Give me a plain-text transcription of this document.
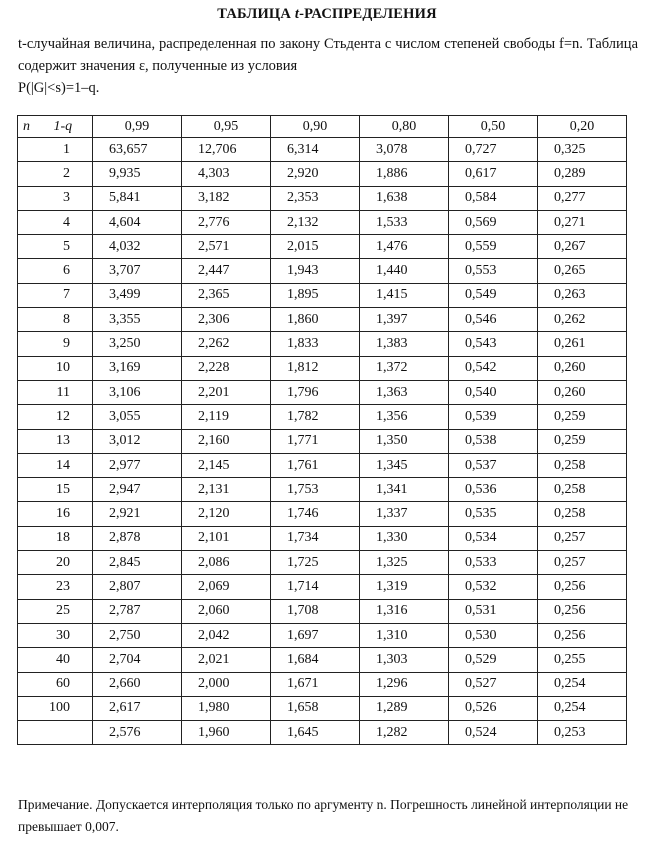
ТАБЛИЦА t-РАСПРЕДЕЛЕНИЯ
t-случайная величина, распределенная по закону Стьдента с числом степеней свободы f=n. Таблица содержит значения ε, полученные из условия
P(|G|<s)=1–q.
n	1-q	0,99	0,95	0,90	0,80	0,50	0,20
1		63,657	12,706	6,314	3,078	0,727	0,325
2		9,935	4,303	2,920	1,886	0,617	0,289
3		5,841	3,182	2,353	1,638	0,584	0,277
4		4,604	2,776	2,132	1,533	0,569	0,271
5		4,032	2,571	2,015	1,476	0,559	0,267
6		3,707	2,447	1,943	1,440	0,553	0,265
7		3,499	2,365	1,895	1,415	0,549	0,263
8		3,355	2,306	1,860	1,397	0,546	0,262
9		3,250	2,262	1,833	1,383	0,543	0,261
10		3,169	2,228	1,812	1,372	0,542	0,260
11		3,106	2,201	1,796	1,363	0,540	0,260
12		3,055	2,119	1,782	1,356	0,539	0,259
13		3,012	2,160	1,771	1,350	0,538	0,259
14		2,977	2,145	1,761	1,345	0,537	0,258
15		2,947	2,131	1,753	1,341	0,536	0,258
16		2,921	2,120	1,746	1,337	0,535	0,258
18		2,878	2,101	1,734	1,330	0,534	0,257
20		2,845	2,086	1,725	1,325	0,533	0,257
23		2,807	2,069	1,714	1,319	0,532	0,256
25		2,787	2,060	1,708	1,316	0,531	0,256
30		2,750	2,042	1,697	1,310	0,530	0,256
40		2,704	2,021	1,684	1,303	0,529	0,255
60		2,660	2,000	1,671	1,296	0,527	0,254
100		2,617	1,980	1,658	1,289	0,526	0,254
		2,576	1,960	1,645	1,282	0,524	0,253
Примечание. Допускается интерполяция только по аргументу n. Погрешность линейной интерполяции не превышает 0,007.
